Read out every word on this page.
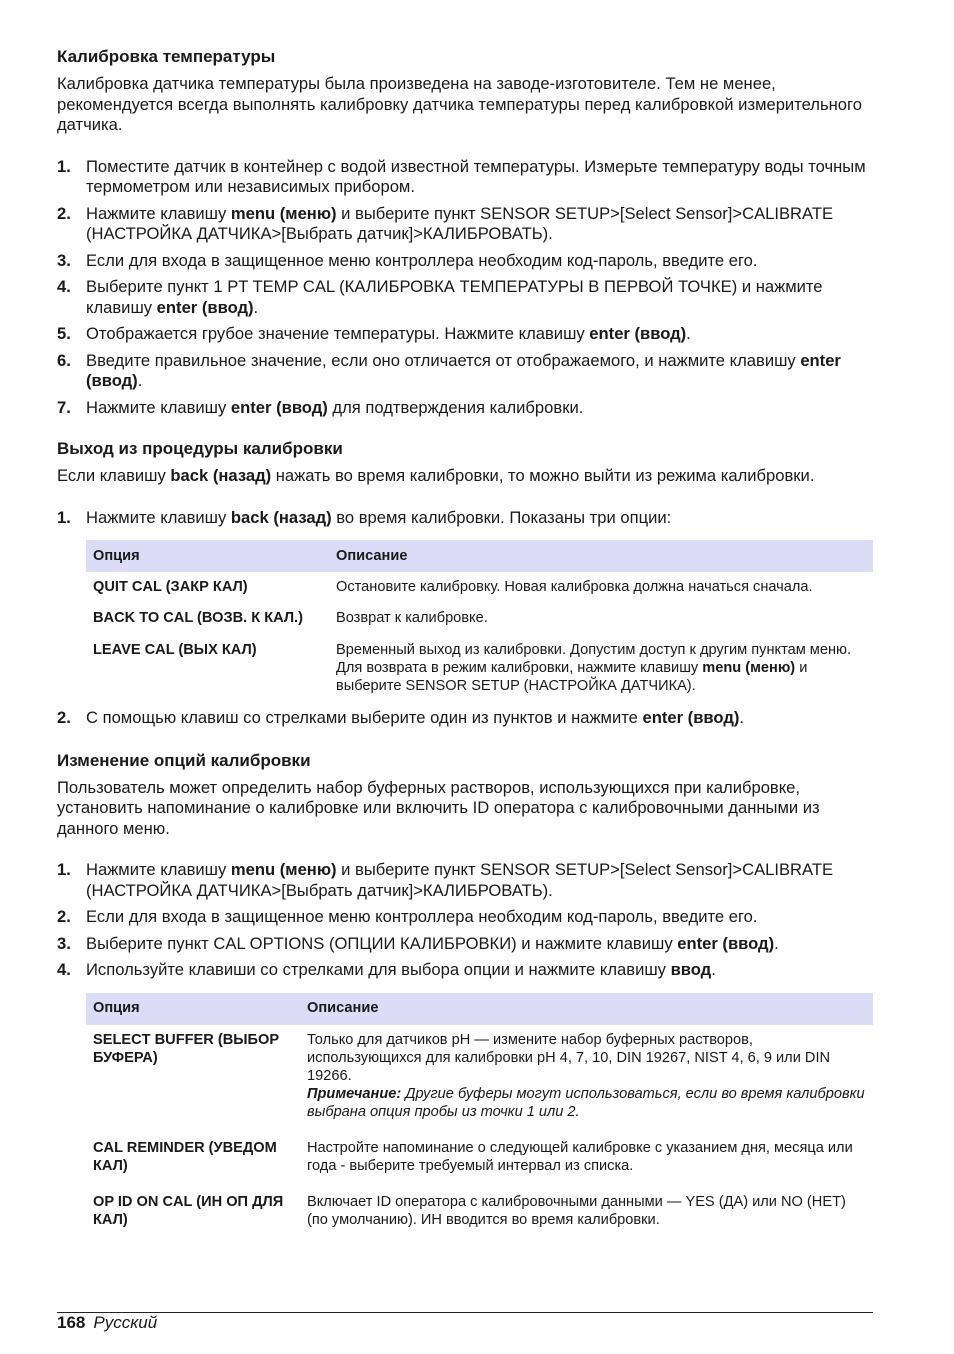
Калибровка температуры

Калибровка датчика температуры была произведена на заводе-изготовителе. Тем не менее, рекомендуется всегда выполнять калибровку датчика температуры перед калибровкой измерительного датчика.

1. Поместите датчик в контейнер с водой известной температуры. Измерьте температуру воды точным термометром или независимых прибором.
2. Нажмите клавишу menu (меню) и выберите пункт SENSOR SETUP>[Select Sensor]>CALIBRATE (НАСТРОЙКА ДАТЧИКА>[Выбрать датчик]>КАЛИБРОВАТЬ).
3. Если для входа в защищенное меню контроллера необходим код-пароль, введите его.
4. Выберите пункт 1 PT TEMP CAL (КАЛИБРОВКА ТЕМПЕРАТУРЫ В ПЕРВОЙ ТОЧКЕ) и нажмите клавишу enter (ввод).
5. Отображается грубое значение температуры. Нажмите клавишу enter (ввод).
6. Введите правильное значение, если оно отличается от отображаемого, и нажмите клавишу enter (ввод).
7. Нажмите клавишу enter (ввод) для подтверждения калибровки.
Выход из процедуры калибровки

Если клавишу back (назад) нажать во время калибровки, то можно выйти из режима калибровки.

1. Нажмите клавишу back (назад) во время калибровки. Показаны три опции:
Опция	Описание
QUIT CAL (ЗАКР КАЛ)	Остановите калибровку. Новая калибровка должна начаться сначала.
BACK TO CAL (ВОЗВ. К КАЛ.)	Возврат к калибровке.
LEAVE CAL (ВЫХ КАЛ)	Временный выход из калибровки. Допустим доступ к другим пунктам меню. Для возврата в режим калибровки, нажмите клавишу menu (меню) и выберите SENSOR SETUP (НАСТРОЙКА ДАТЧИКА).
2. С помощью клавиш со стрелками выберите один из пунктов и нажмите enter (ввод).
Изменение опций калибровки

Пользователь может определить набор буферных растворов, использующихся при калибровке, установить напоминание о калибровке или включить ID оператора с калибровочными данными из данного меню.

1. Нажмите клавишу menu (меню) и выберите пункт SENSOR SETUP>[Select Sensor]>CALIBRATE (НАСТРОЙКА ДАТЧИКА>[Выбрать датчик]>КАЛИБРОВАТЬ).
2. Если для входа в защищенное меню контроллера необходим код-пароль, введите его.
3. Выберите пункт CAL OPTIONS (ОПЦИИ КАЛИБРОВКИ) и нажмите клавишу enter (ввод).
4. Используйте клавиши со стрелками для выбора опции и нажмите клавишу ввод.
Опция	Описание
SELECT BUFFER (ВЫБОР БУФЕРА)	Только для датчиков pH — измените набор буферных растворов, использующихся для калибровки pH 4, 7, 10, DIN 19267, NIST 4, 6, 9 или DIN 19266.
Примечание: Другие буферы могут использоваться, если во время калибровки выбрана опция пробы из точки 1 или 2.

CAL REMINDER (УВЕДОМ КАЛ)	Настройте напоминание о следующей калибровке с указанием дня, месяца или года - выберите требуемый интервал из списка.
OP ID ON CAL (ИН ОП ДЛЯ КАЛ)	Включает ID оператора с калибровочными данными — YES (ДА) или NO (НЕТ) (по умолчанию). ИН вводится во время калибровки.
168 Русский
